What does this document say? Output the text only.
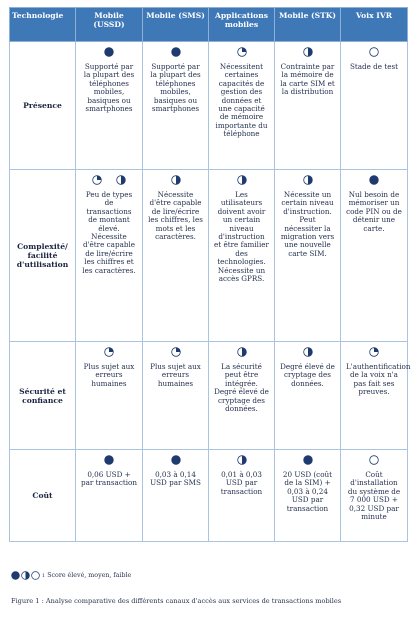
Technologie	Mobile (USSD)	Mobile (SMS)	Applications mobiles	Mobile (STK)	Voix IVR
Présence	Supporté par la plupart des téléphones mobiles, basiques ou smartphones	Supporté par la plupart des téléphones mobiles, basiques ou smartphones	Nécessitent certaines capacités de gestion des données et une capacité de mémoire importante du téléphone	Contrainte par la mémoire de la carte SIM et la distribution	Stade de test

Complexité/ facilité d'utilisation	Peu de types de transactions de montant élevé. Nécessite d'être capable de lire/écrire les chiffres et les caractères.	Nécessite d'être capable de lire/écrire les chiffres, les mots et les caractères.	Les utilisateurs doivent avoir un certain niveau d'instruction et être familier des technologies. Nécessite un accès GPRS.	Nécessite un certain niveau d'instruction. Peut nécessiter la migration vers une nouvelle carte SIM.	Nul besoin de mémoriser un code PIN ou de détenir une carte.

Sécurité et confiance	Plus sujet aux erreurs humaines	Plus sujet aux erreurs humaines	La sécurité peut être intégrée. Degré élevé de cryptage des données.	Degré élevé de cryptage des données.	L'authentification de la voix n'a pas fait ses preuves.

Coût	0,06 USD + par transaction	0,03 à 0,14 USD par SMS	0,01 à 0,03 USD par transaction	20 USD (coût de la SIM) + 0,03 à 0,24 USD par transaction	Coût d'installation du système de 7 000 USD + 0,32 USD par minute
1 Score élevé, moyen, faible
Figure 1 : Analyse comparative des différents canaux d'accès aux services de transactions mobiles
